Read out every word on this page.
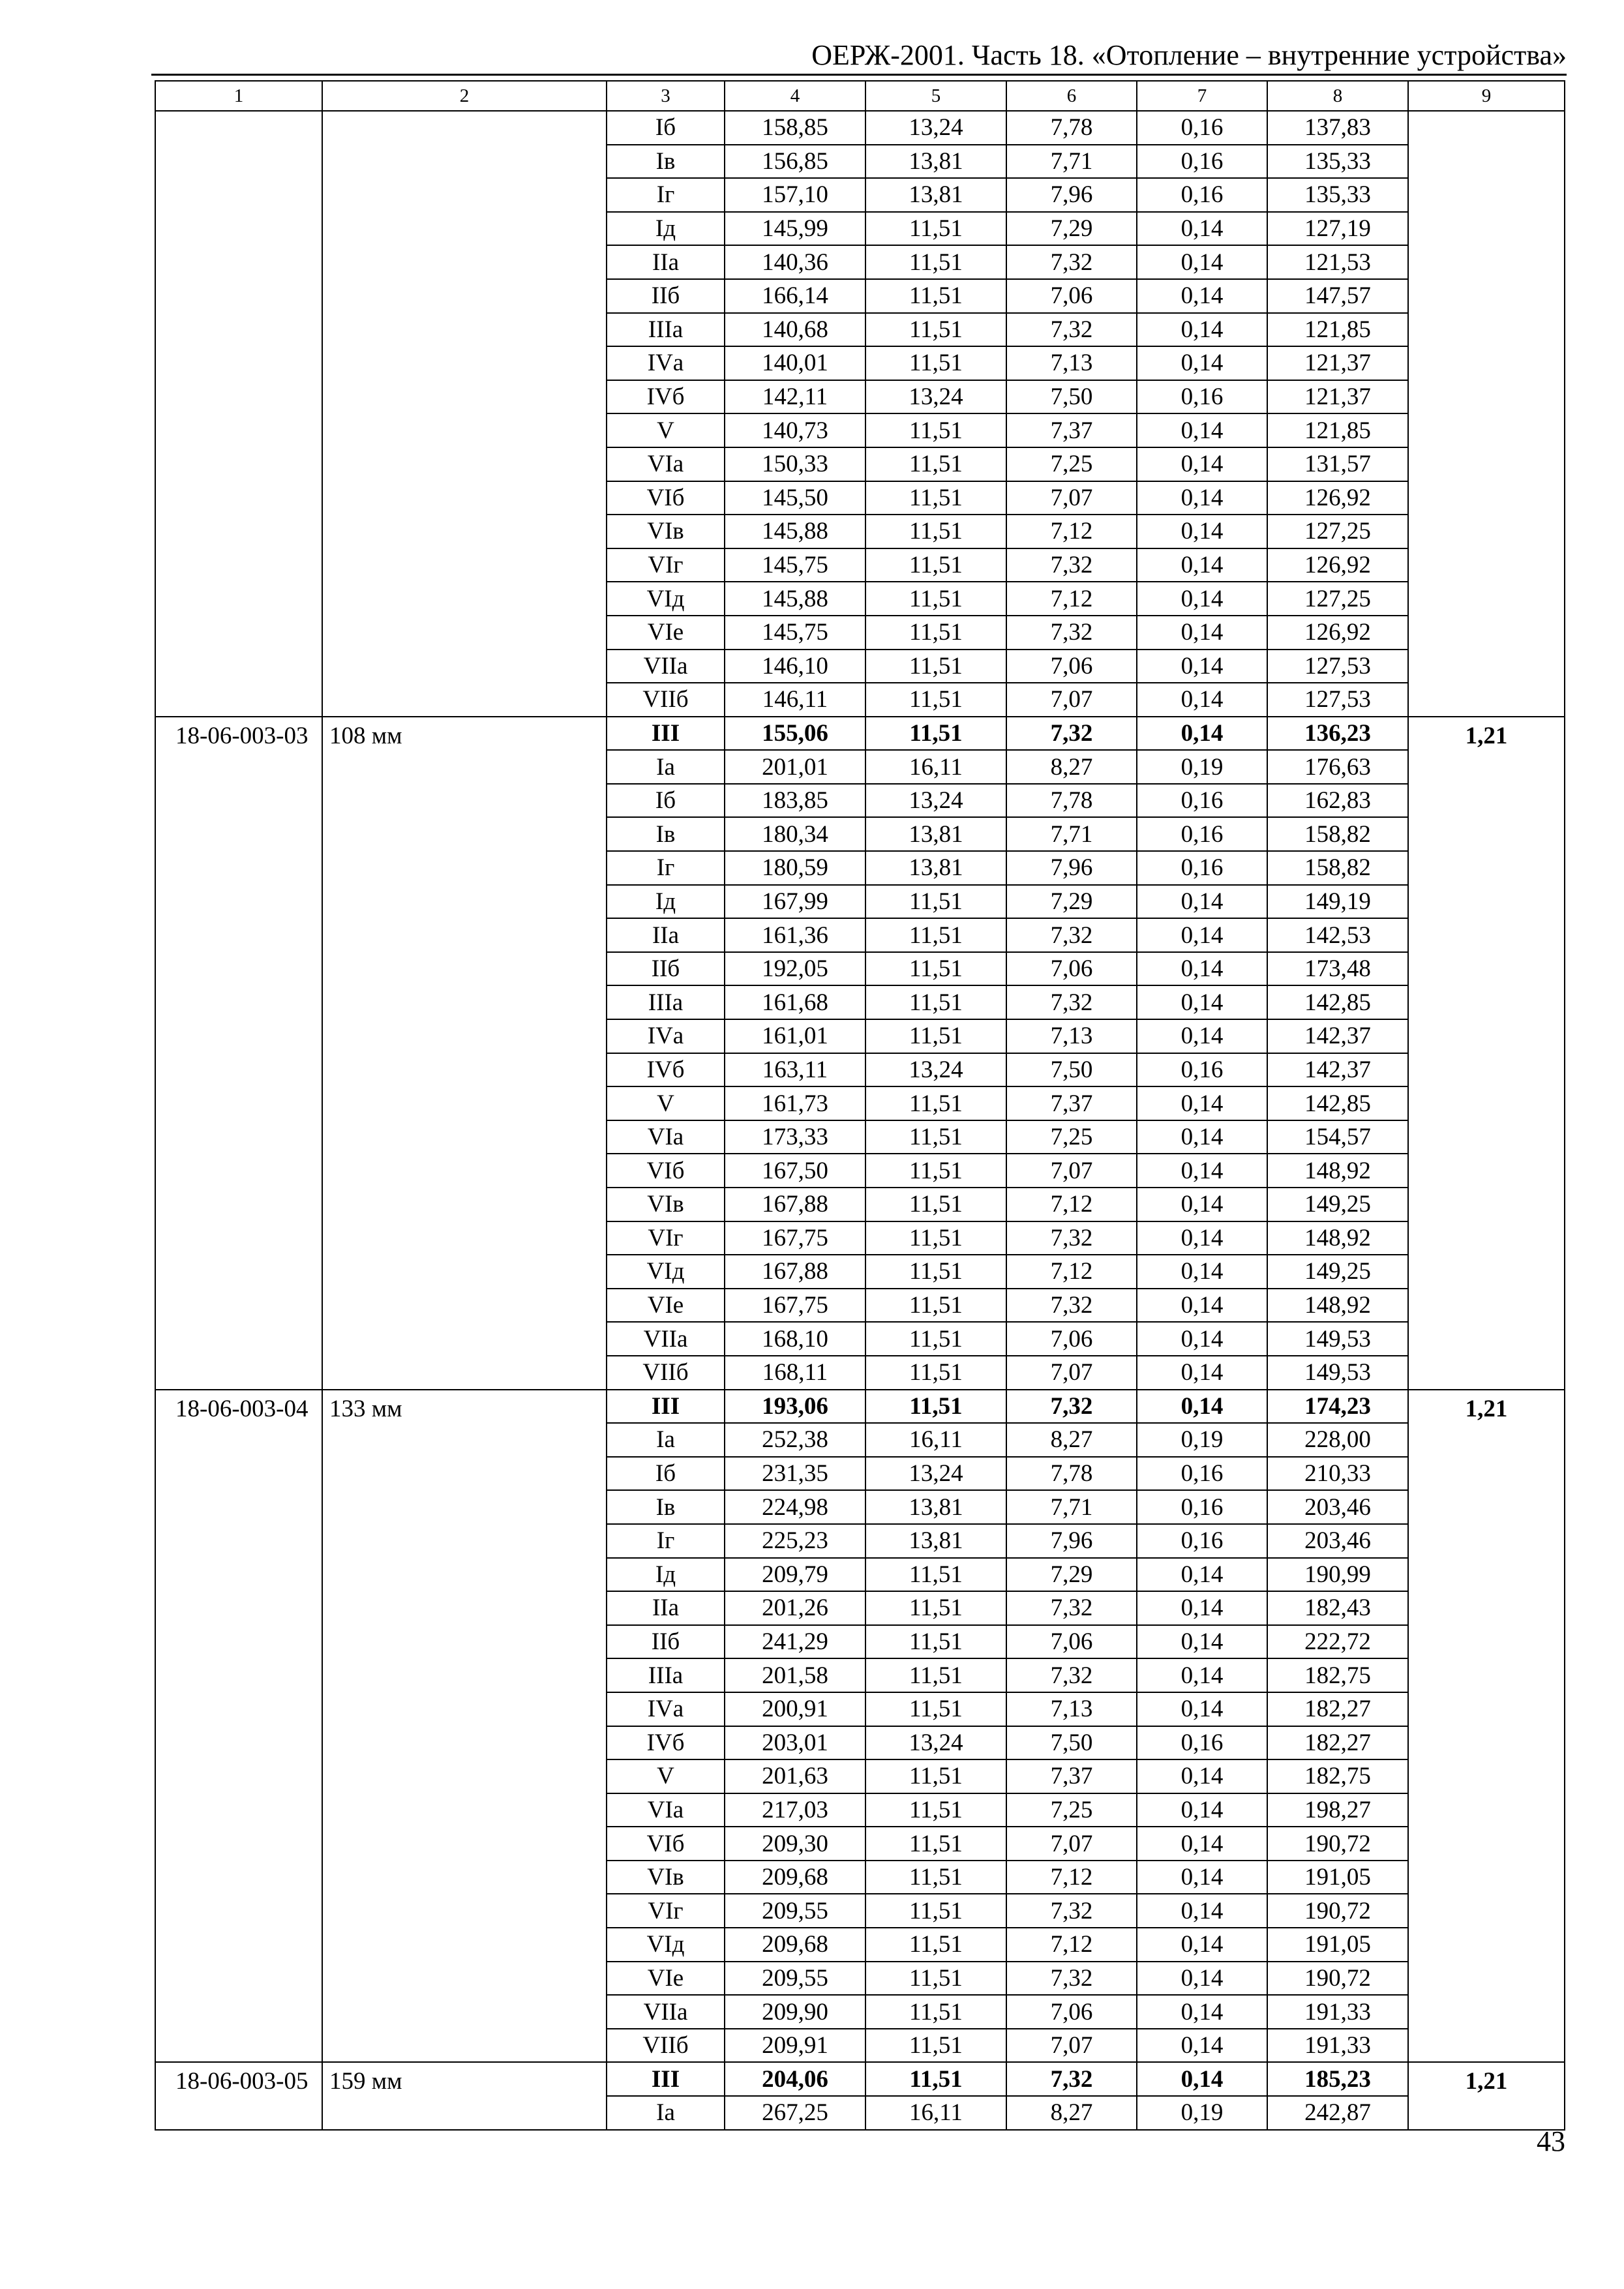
ОЕРЖ-2001. Часть 18. «Отопление – внутренние устройства»
1	2	3	4	5	6	7	8	9
		Iб	158,85	13,24	7,78	0,16	137,83	
		Iв	156,85	13,81	7,71	0,16	135,33	
		Iг	157,10	13,81	7,96	0,16	135,33	
		Iд	145,99	11,51	7,29	0,14	127,19	
		IIа	140,36	11,51	7,32	0,14	121,53	
		IIб	166,14	11,51	7,06	0,14	147,57	
		IIIа	140,68	11,51	7,32	0,14	121,85	
		IVа	140,01	11,51	7,13	0,14	121,37	
		IVб	142,11	13,24	7,50	0,16	121,37	
		V	140,73	11,51	7,37	0,14	121,85	
		VIа	150,33	11,51	7,25	0,14	131,57	
		VIб	145,50	11,51	7,07	0,14	126,92	
		VIв	145,88	11,51	7,12	0,14	127,25	
		VIг	145,75	11,51	7,32	0,14	126,92	
		VIд	145,88	11,51	7,12	0,14	127,25	
		VIе	145,75	11,51	7,32	0,14	126,92	
		VIIа	146,10	11,51	7,06	0,14	127,53	
		VIIб	146,11	11,51	7,07	0,14	127,53	
18-06-003-03	108 мм	III	155,06	11,51	7,32	0,14	136,23	1,21
		Iа	201,01	16,11	8,27	0,19	176,63	
		Iб	183,85	13,24	7,78	0,16	162,83	
		Iв	180,34	13,81	7,71	0,16	158,82	
		Iг	180,59	13,81	7,96	0,16	158,82	
		Iд	167,99	11,51	7,29	0,14	149,19	
		IIа	161,36	11,51	7,32	0,14	142,53	
		IIб	192,05	11,51	7,06	0,14	173,48	
		IIIа	161,68	11,51	7,32	0,14	142,85	
		IVа	161,01	11,51	7,13	0,14	142,37	
		IVб	163,11	13,24	7,50	0,16	142,37	
		V	161,73	11,51	7,37	0,14	142,85	
		VIа	173,33	11,51	7,25	0,14	154,57	
		VIб	167,50	11,51	7,07	0,14	148,92	
		VIв	167,88	11,51	7,12	0,14	149,25	
		VIг	167,75	11,51	7,32	0,14	148,92	
		VIд	167,88	11,51	7,12	0,14	149,25	
		VIе	167,75	11,51	7,32	0,14	148,92	
		VIIа	168,10	11,51	7,06	0,14	149,53	
		VIIб	168,11	11,51	7,07	0,14	149,53	
18-06-003-04	133 мм	III	193,06	11,51	7,32	0,14	174,23	1,21
		Iа	252,38	16,11	8,27	0,19	228,00	
		Iб	231,35	13,24	7,78	0,16	210,33	
		Iв	224,98	13,81	7,71	0,16	203,46	
		Iг	225,23	13,81	7,96	0,16	203,46	
		Iд	209,79	11,51	7,29	0,14	190,99	
		IIа	201,26	11,51	7,32	0,14	182,43	
		IIб	241,29	11,51	7,06	0,14	222,72	
		IIIа	201,58	11,51	7,32	0,14	182,75	
		IVа	200,91	11,51	7,13	0,14	182,27	
		IVб	203,01	13,24	7,50	0,16	182,27	
		V	201,63	11,51	7,37	0,14	182,75	
		VIа	217,03	11,51	7,25	0,14	198,27	
		VIб	209,30	11,51	7,07	0,14	190,72	
		VIв	209,68	11,51	7,12	0,14	191,05	
		VIг	209,55	11,51	7,32	0,14	190,72	
		VIд	209,68	11,51	7,12	0,14	191,05	
		VIе	209,55	11,51	7,32	0,14	190,72	
		VIIа	209,90	11,51	7,06	0,14	191,33	
		VIIб	209,91	11,51	7,07	0,14	191,33	
18-06-003-05	159 мм	III	204,06	11,51	7,32	0,14	185,23	1,21
		Iа	267,25	16,11	8,27	0,19	242,87	
43
